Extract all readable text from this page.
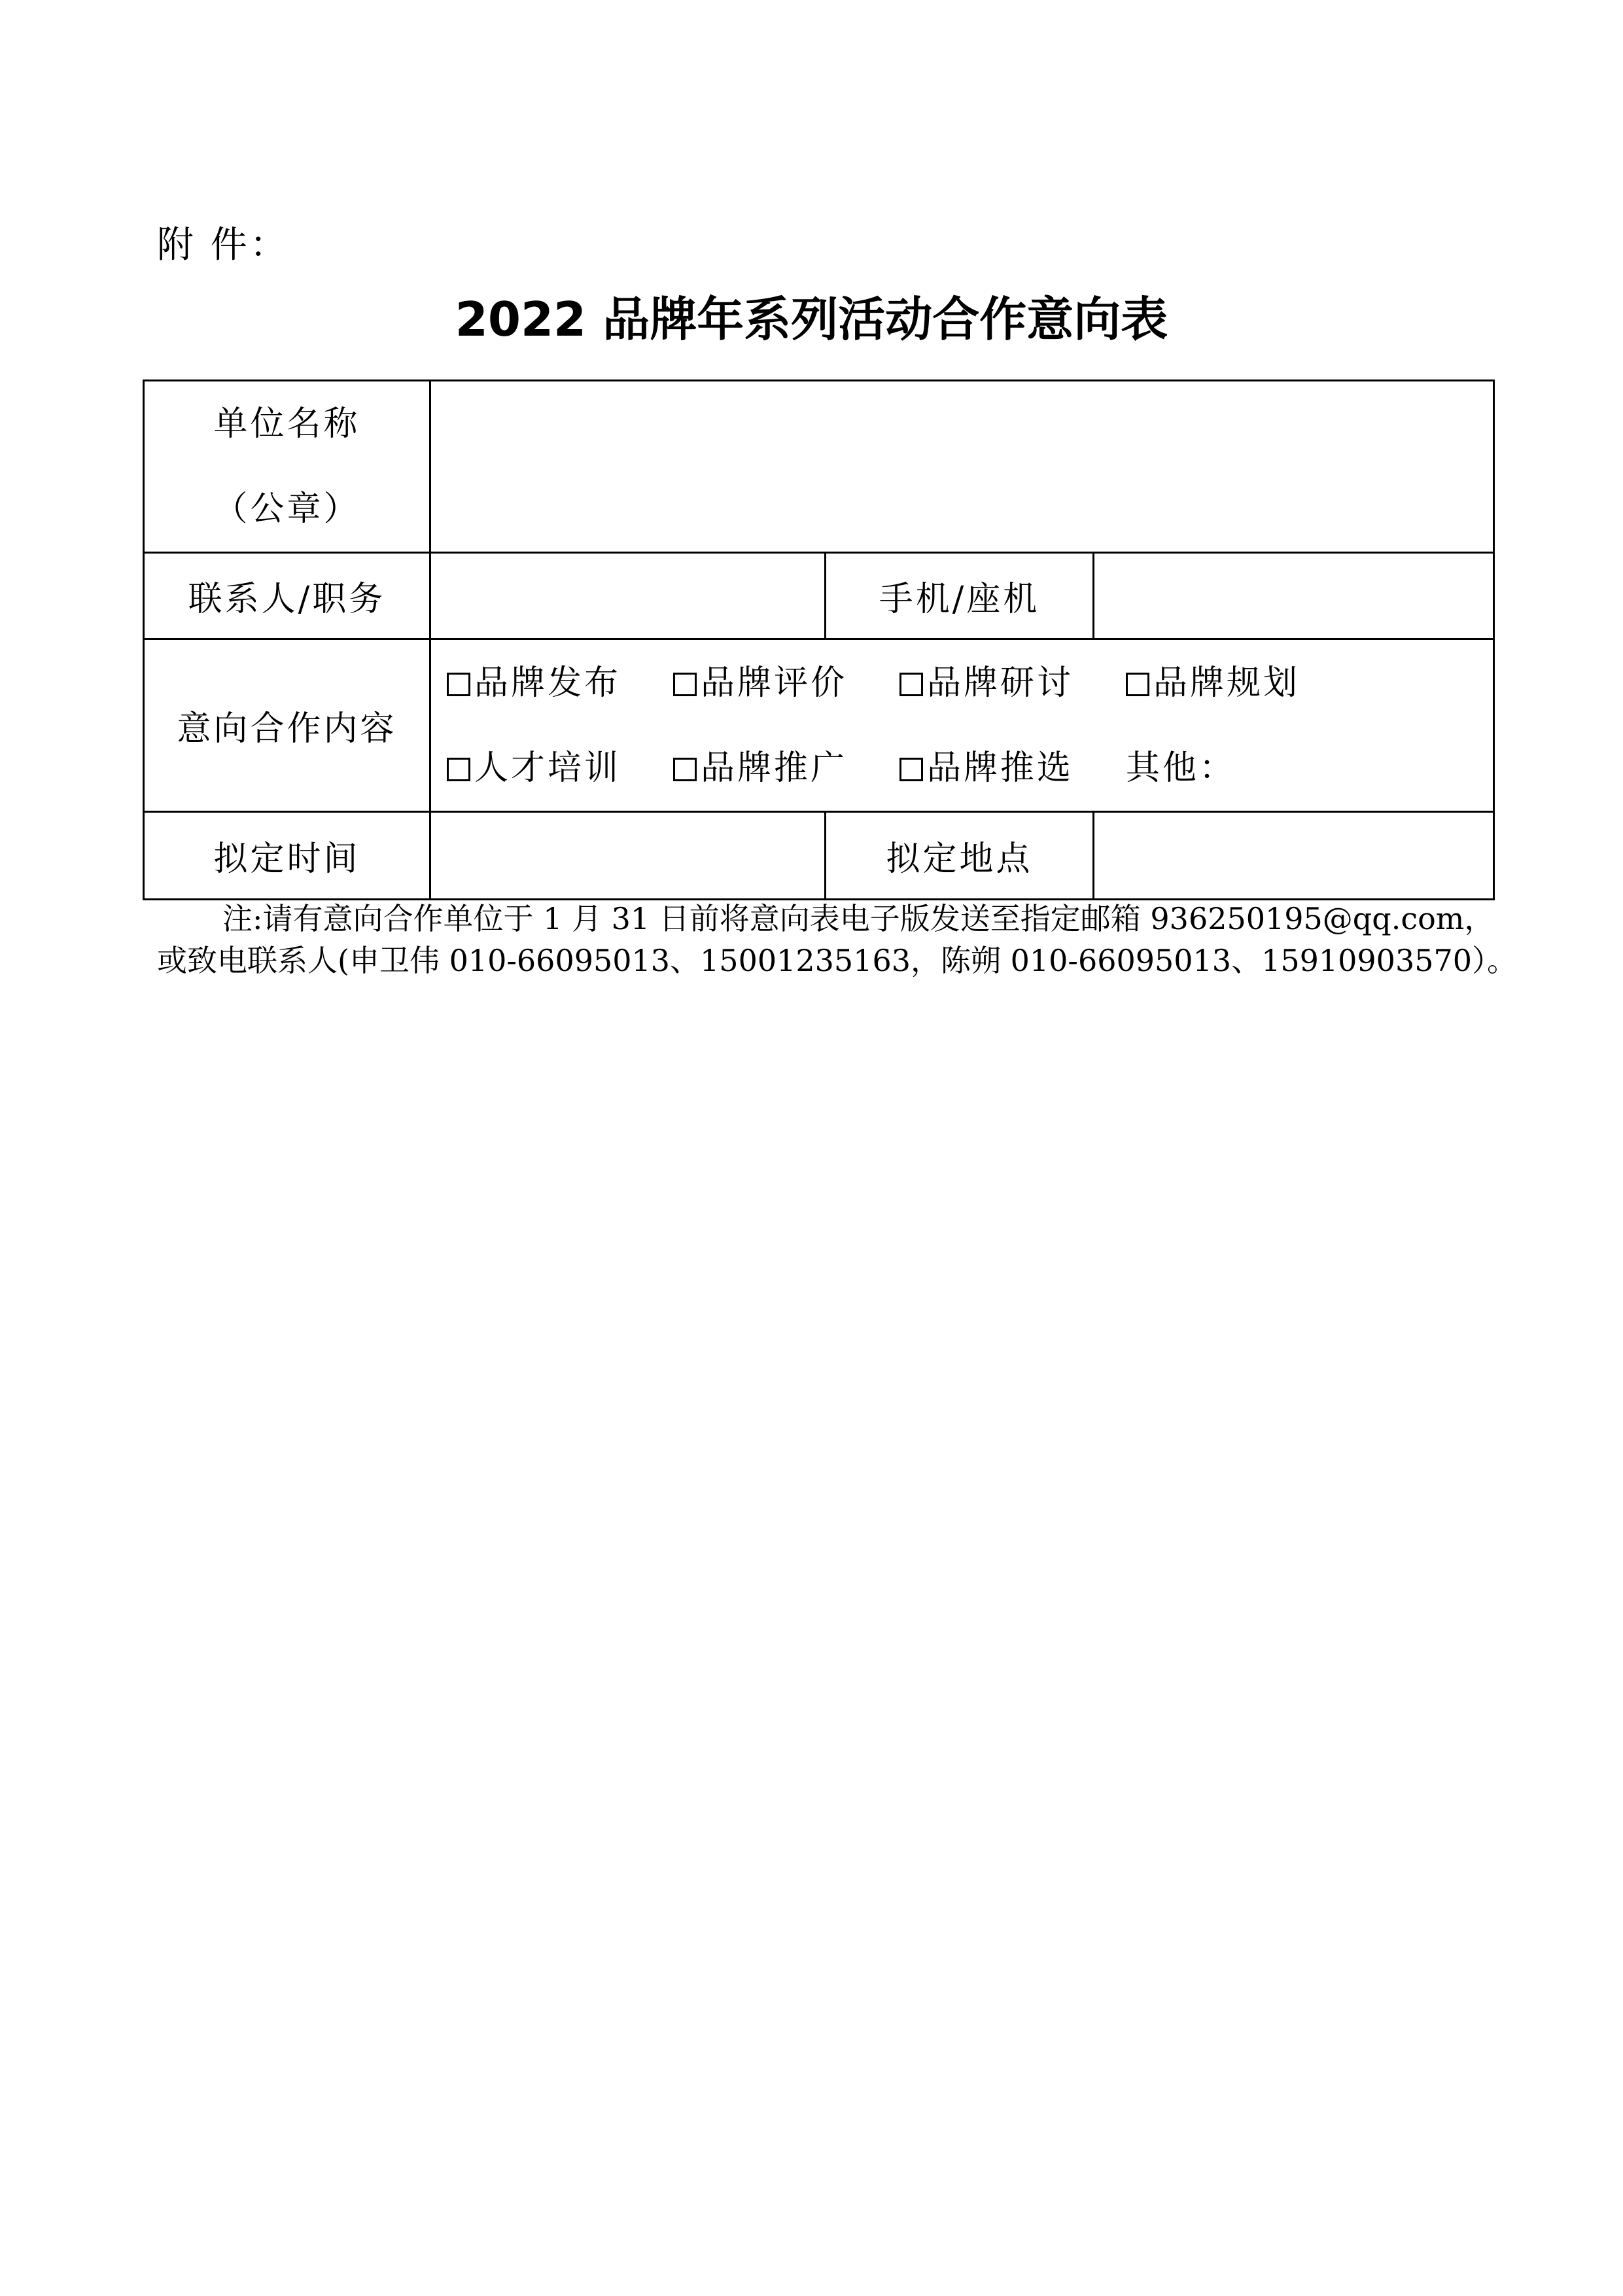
附 件：
2022 品牌年系列活动合作意向表
单位名称
（公章）			

联系人/职务		手机/座机	
意向合作内容	品牌发布 品牌评价 品牌研讨 品牌规划
人才培训 品牌推广 品牌推选 其他：		

拟定时间		拟定地点	
注:请有意向合作单位于 1 月 31 日前将意向表电子版发送至指定邮箱 936250195@qq.com，
或致电联系人(申卫伟 010-66095013、15001235163，陈朔 010-66095013、15910903570）。
